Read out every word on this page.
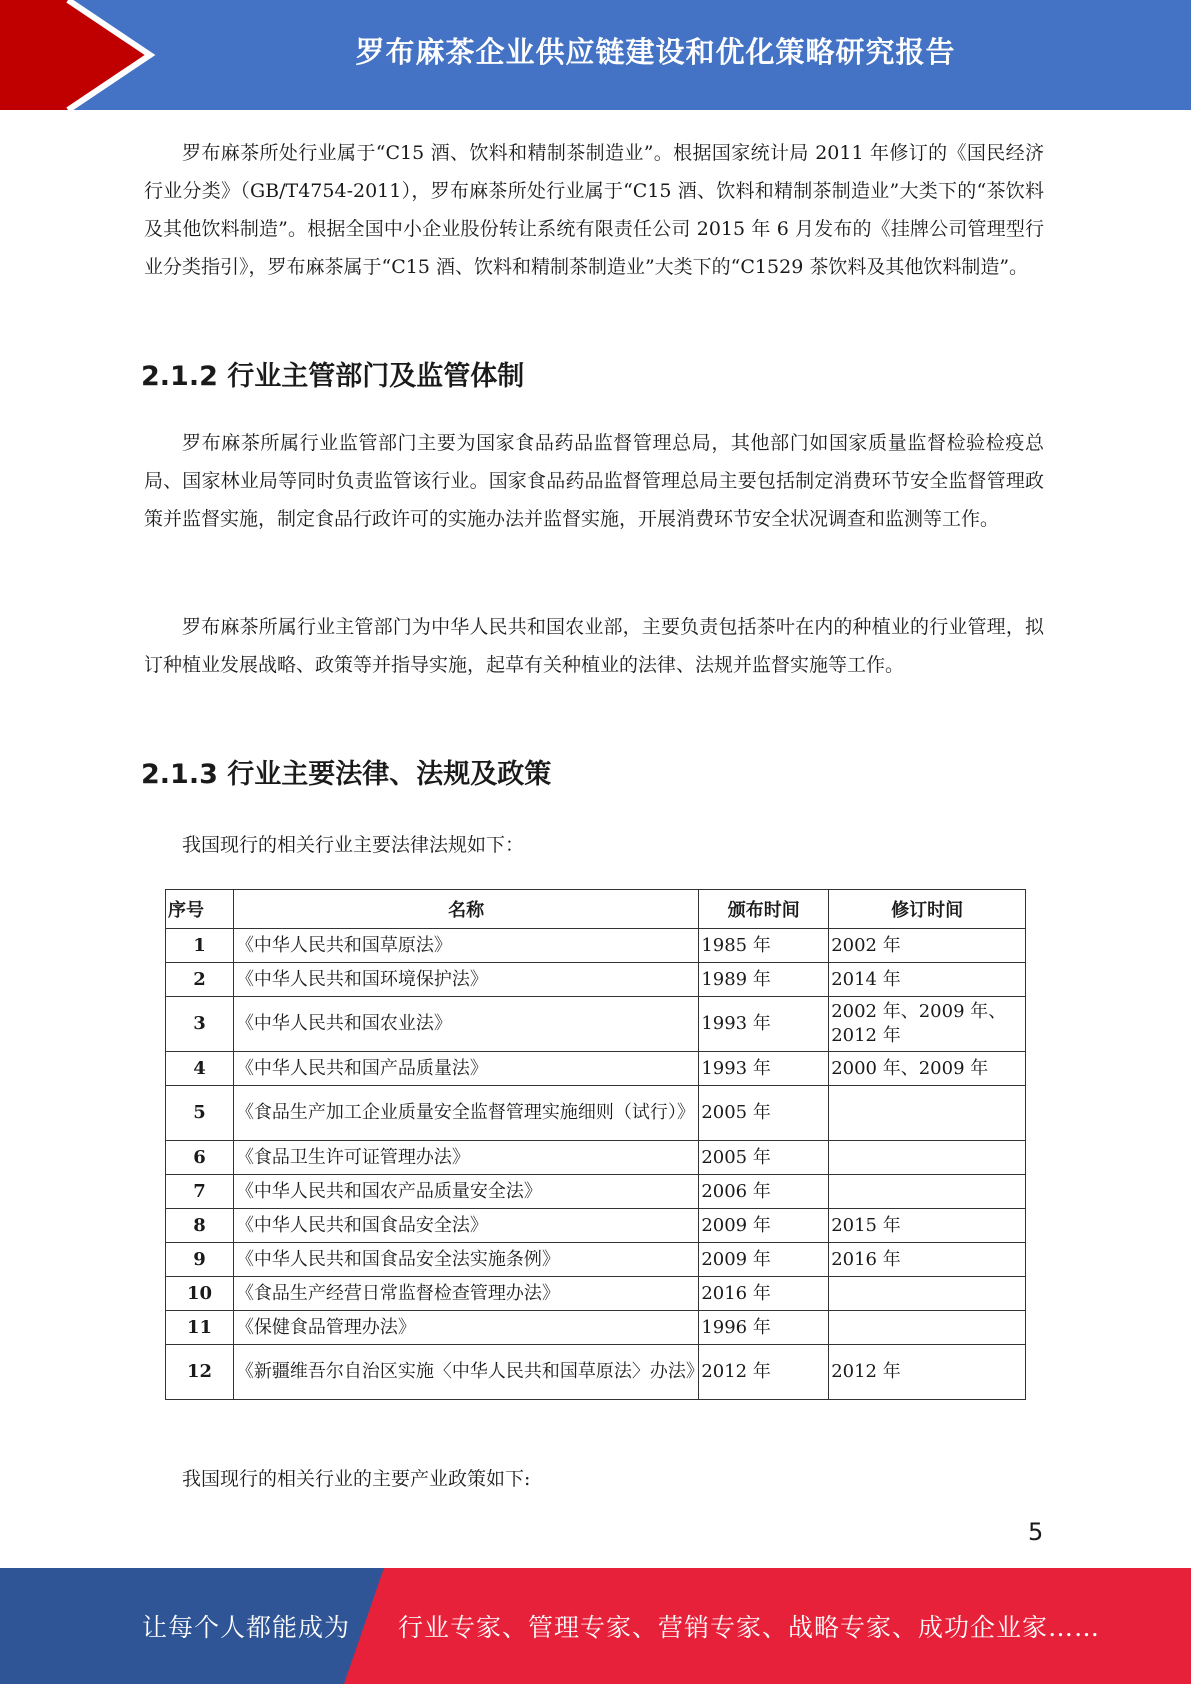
罗布麻茶企业供应链建设和优化策略研究报告

罗布麻茶所处行业属于“C15 酒、饮料和精制茶制造业”。根据国家统计局 2011 年修订的《国民经济行业分类》（GB/T4754-2011），罗布麻茶所处行业属于“C15 酒、饮料和精制茶制造业”大类下的“茶饮料及其他饮料制造”。根据全国中小企业股份转让系统有限责任公司 2015 年 6 月发布的《挂牌公司管理型行业分类指引》，罗布麻茶属于“C15 酒、饮料和精制茶制造业”大类下的“C1529 茶饮料及其他饮料制造”。

2.1.2 行业主管部门及监管体制

罗布麻茶所属行业监管部门主要为国家食品药品监督管理总局，其他部门如国家质量监督检验检疫总局、国家林业局等同时负责监管该行业。国家食品药品监督管理总局主要包括制定消费环节安全监督管理政策并监督实施，制定食品行政许可的实施办法并监督实施，开展消费环节安全状况调查和监测等工作。

罗布麻茶所属行业主管部门为中华人民共和国农业部，主要负责包括茶叶在内的种植业的行业管理，拟订种植业发展战略、政策等并指导实施，起草有关种植业的法律、法规并监督实施等工作。

2.1.3 行业主要法律、法规及政策

我国现行的相关行业主要法律法规如下：

序号	名称	颁布时间	修订时间
1	《中华人民共和国草原法》	1985 年	2002 年
2	《中华人民共和国环境保护法》	1989 年	2014 年
3	《中华人民共和国农业法》	1993 年	2002 年、2009 年、2012 年
4	《中华人民共和国产品质量法》	1993 年	2000 年、2009 年
5	《食品生产加工企业质量安全监督管理实施细则（试行）》	2005 年	
6	《食品卫生许可证管理办法》	2005 年	
7	《中华人民共和国农产品质量安全法》	2006 年	
8	《中华人民共和国食品安全法》	2009 年	2015 年
9	《中华人民共和国食品安全法实施条例》	2009 年	2016 年
10	《食品生产经营日常监督检查管理办法》	2016 年	
11	《保健食品管理办法》	1996 年	
12	《新疆维吾尔自治区实施〈中华人民共和国草原法〉办法》	2012 年	2012 年

我国现行的相关行业的主要产业政策如下:

5
让每个人都能成为 行业专家、管理专家、营销专家、战略专家、成功企业家……
